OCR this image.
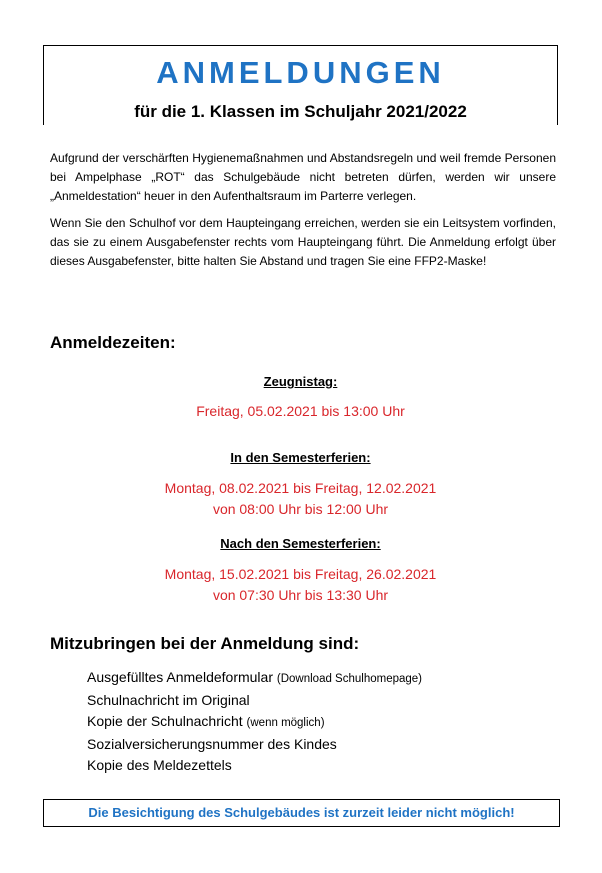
ANMELDUNGEN
für die 1. Klassen im Schuljahr 2021/2022

Aufgrund der verschärften Hygienemaßnahmen und Abstandsregeln und weil fremde Personen bei Ampelphase „ROT“ das Schulgebäude nicht betreten dürfen, werden wir unsere „Anmeldestation“ heuer in den Aufenthaltsraum im Parterre verlegen.

Wenn Sie den Schulhof vor dem Haupteingang erreichen, werden sie ein Leitsystem vorfinden, das sie zu einem Ausgabefenster rechts vom Haupteingang führt. Die Anmeldung erfolgt über dieses Ausgabefenster, bitte halten Sie Abstand und tragen Sie eine FFP2-Maske!

Anmeldezeiten:
Zeugnistag:
Freitag, 05.02.2021 bis 13:00 Uhr
In den Semesterferien:
Montag, 08.02.2021 bis Freitag, 12.02.2021
von 08:00 Uhr bis 12:00 Uhr
Nach den Semesterferien:
Montag, 15.02.2021 bis Freitag, 26.02.2021
von 07:30 Uhr bis 13:30 Uhr
Mitzubringen bei der Anmeldung sind:
Ausgefülltes Anmeldeformular (Download Schulhomepage)
Schulnachricht im Original
Kopie der Schulnachricht (wenn möglich)
Sozialversicherungsnummer des Kindes
Kopie des Meldezettels
Die Besichtigung des Schulgebäudes ist zurzeit leider nicht möglich!
